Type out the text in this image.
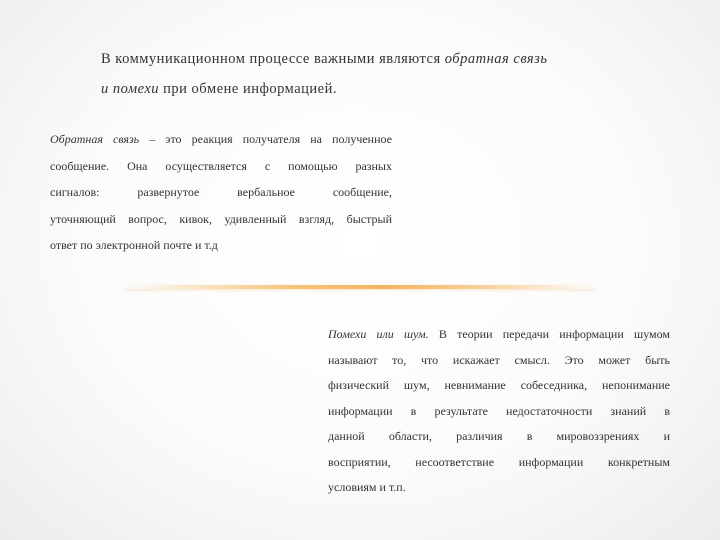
В коммуникационном процессе важными являются обратная связь

и помехи при обмене информацией.

Обратная связь – это реакция получателя на полученное

сообщение. Она осуществляется с помощью разных

сигналов: развернутое вербальное сообщение,

уточняющий вопрос, кивок, удивленный взгляд, быстрый

ответ по электронной почте и т.д

Помехи или шум. В теории передачи информации шумом

называют то, что искажает смысл. Это может быть

физический шум, невнимание собеседника, непонимание

информации в результате недостаточности знаний в

данной области, различия в мировоззрениях и

восприятии, несоответствие информации конкретным

условиям и т.п.
